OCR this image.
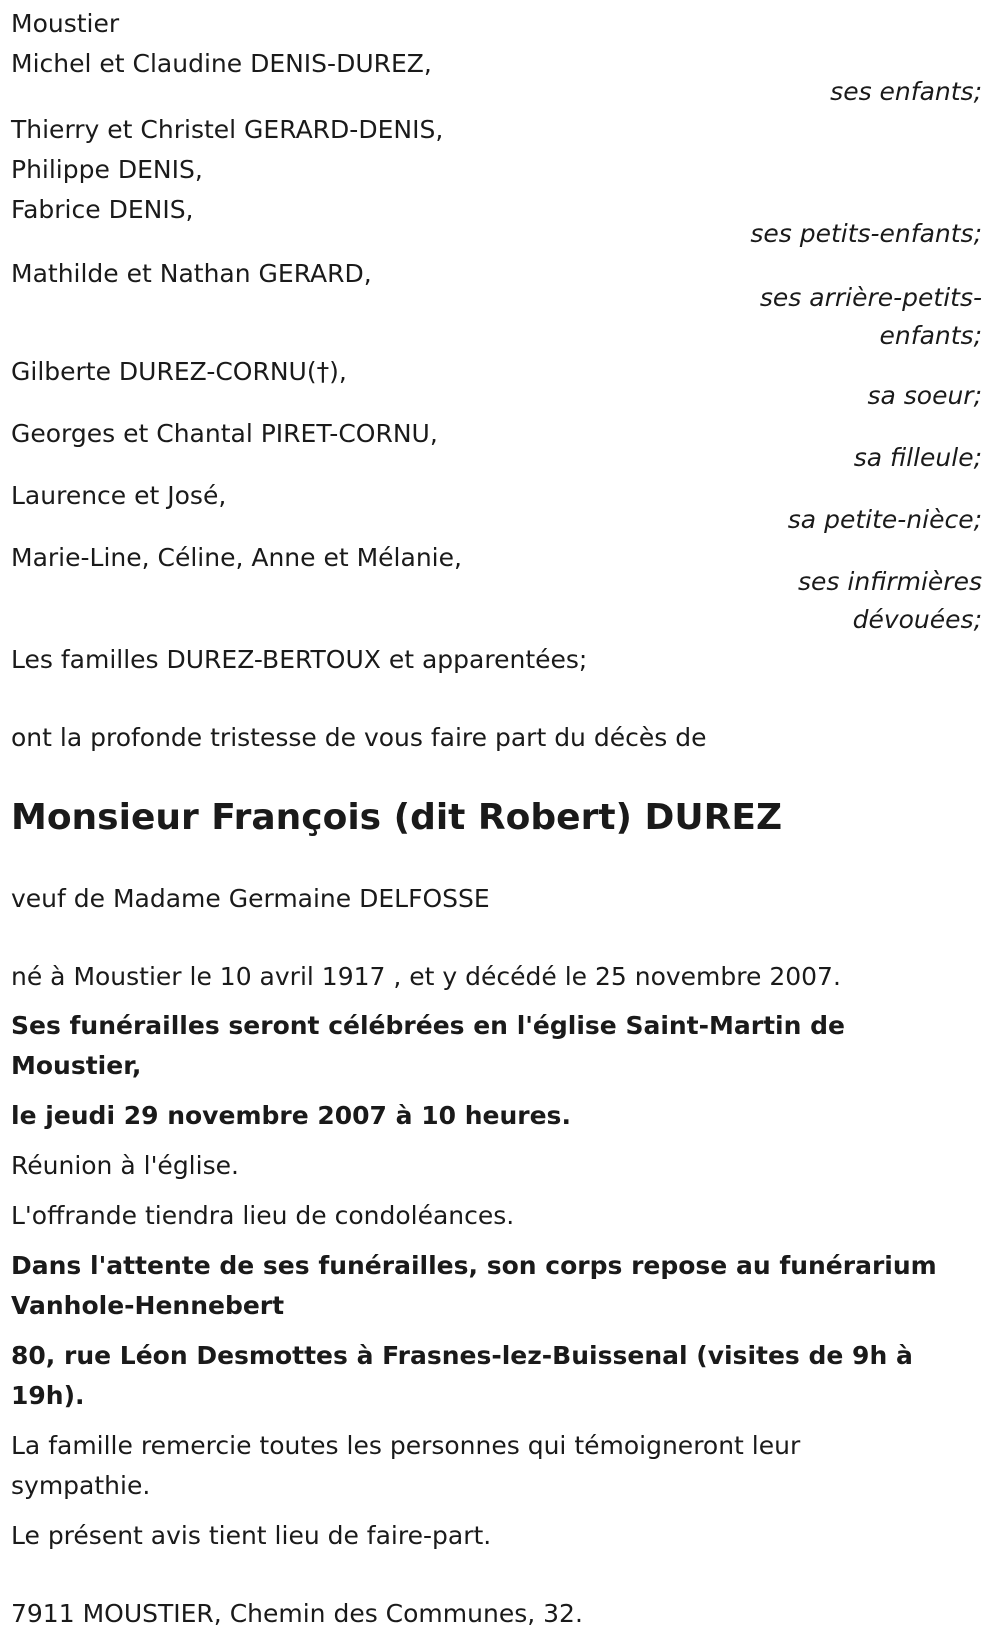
Moustier
Michel et Claudine DENIS-DUREZ,
ses enfants;
Thierry et Christel GERARD-DENIS,
Philippe DENIS,
Fabrice DENIS,
ses petits-enfants;
Mathilde et Nathan GERARD,
ses arrière-petits-
enfants;
Gilberte DUREZ-CORNU(†),
sa soeur;
Georges et Chantal PIRET-CORNU,
sa filleule;
Laurence et José,
sa petite-nièce;
Marie-Line, Céline, Anne et Mélanie,
ses infirmières
dévouées;
Les familles DUREZ-BERTOUX et apparentées;
ont la profonde tristesse de vous faire part du décès de
Monsieur François (dit Robert) DUREZ
veuf de Madame Germaine DELFOSSE
né à Moustier le 10 avril 1917 , et y décédé le 25 novembre 2007.
Ses funérailles seront célébrées en l'église Saint-Martin de Moustier,
le jeudi 29 novembre 2007 à 10 heures.
Réunion à l'église.
L'offrande tiendra lieu de condoléances.
Dans l'attente de ses funérailles, son corps repose au funérarium
Vanhole-Hennebert
80, rue Léon Desmottes à Frasnes-lez-Buissenal (visites de 9h à 19h).
La famille remercie toutes les personnes qui témoigneront leur
sympathie.
Le présent avis tient lieu de faire-part.
7911 MOUSTIER, Chemin des Communes, 32.
